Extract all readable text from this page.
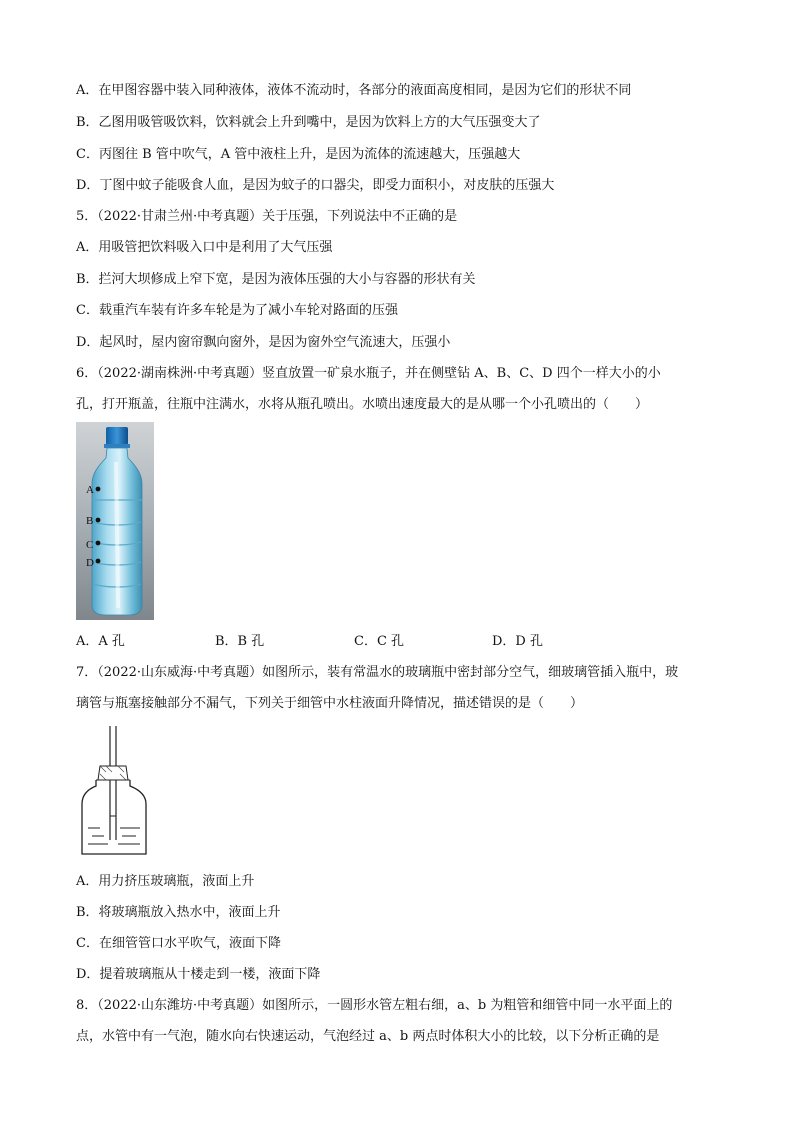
A．在甲图容器中装入同种液体，液体不流动时，各部分的液面高度相同，是因为它们的形状不同
B．乙图用吸管吸饮料，饮料就会上升到嘴中，是因为饮料上方的大气压强变大了
C．丙图往 B 管中吹气，A 管中液柱上升，是因为流体的流速越大，压强越大
D．丁图中蚊子能吸食人血，是因为蚊子的口器尖，即受力面积小，对皮肤的压强大
5．（2022·甘肃兰州·中考真题）关于压强，下列说法中不正确的是
A．用吸管把饮料吸入口中是利用了大气压强
B．拦河大坝修成上窄下宽，是因为液体压强的大小与容器的形状有关
C．载重汽车装有许多车轮是为了减小车轮对路面的压强
D．起风时，屋内窗帘飘向窗外，是因为窗外空气流速大，压强小
6．（2022·湖南株洲·中考真题）竖直放置一矿泉水瓶子，并在侧壁钻 A、B、C、D 四个一样大小的小
孔，打开瓶盖，往瓶中注满水，水将从瓶孔喷出。水喷出速度最大的是从哪一个小孔喷出的（　　）
A
B
C
D
A．A 孔	B．B 孔	C．C 孔	D．D 孔
7．（2022·山东威海·中考真题）如图所示，装有常温水的玻璃瓶中密封部分空气，细玻璃管插入瓶中，玻
璃管与瓶塞接触部分不漏气，下列关于细管中水柱液面升降情况，描述错误的是（　　）
A．用力挤压玻璃瓶，液面上升
B．将玻璃瓶放入热水中，液面上升
C．在细管管口水平吹气，液面下降
D．提着玻璃瓶从十楼走到一楼，液面下降
8．（2022·山东潍坊·中考真题）如图所示，一圆形水管左粗右细，a、b 为粗管和细管中同一水平面上的
点，水管中有一气泡，随水向右快速运动，气泡经过 a、b 两点时体积大小的比较，以下分析正确的是
